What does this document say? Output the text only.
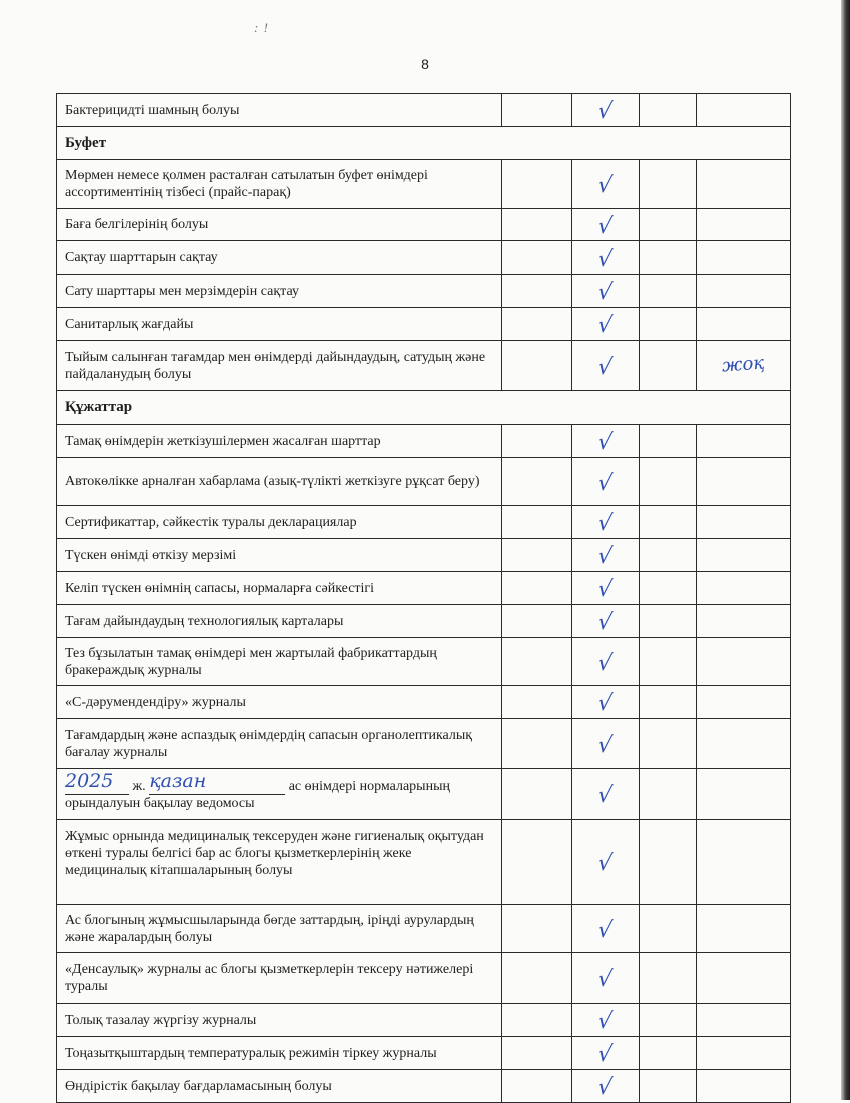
: !
8
Бактерицидті шамның болуы		√		
Буфет				
Мөрмен немесе қолмен расталған сатылатын буфет өнімдері ассортиментінің тізбесі (прайс-парақ)		√		
Баға белгілерінің болуы		√		
Сақтау шарттарын сақтау		√		
Сату шарттары мен мерзімдерін сақтау		√		
Санитарлық жағдайы		√		
Тыйым салынған тағамдар мен өнімдерді дайындаудың, сатудың және пайдаланудың болуы		√		жоқ
Құжаттар				
Тамақ өнімдерін жеткізушілермен жасалған шарттар		√		
Автокөлікке арналған хабарлама (азық-түлікті жеткізуге рұқсат беру)		√		
Сертификаттар, сәйкестік туралы декларациялар		√		
Түскен өнімді өткізу мерзімі		√		
Келіп түскен өнімнің сапасы, нормаларға сәйкестігі		√		
Тағам дайындаудың технологиялық карталары		√		
Тез бұзылатын тамақ өнімдері мен жартылай фабрикаттардың бракераждық журналы		√		
«С-дәрумендендіру» журналы		√		
Тағамдардың және аспаздық өнімдердің сапасын органолептикалық бағалау журналы		√		
2025 ж. қазан ас өнімдері нормаларының орындалуын бақылау ведомосы		√		
Жұмыс орнында медициналық тексеруден және гигиеналық оқытудан өткені туралы белгісі бар ас блогы қызметкерлерінің жеке медициналық кітапшаларының болуы		√		
Ас блогының жұмысшыларында бөгде заттардың, іріңді аурулардың және жаралардың болуы		√		
«Денсаулық» журналы ас блогы қызметкерлерін тексеру нәтижелері туралы		√		
Толық тазалау жүргізу журналы		√		
Тоңазытқыштардың температуралық режимін тіркеу журналы		√		
Өндірістік бақылау бағдарламасының болуы		√		
